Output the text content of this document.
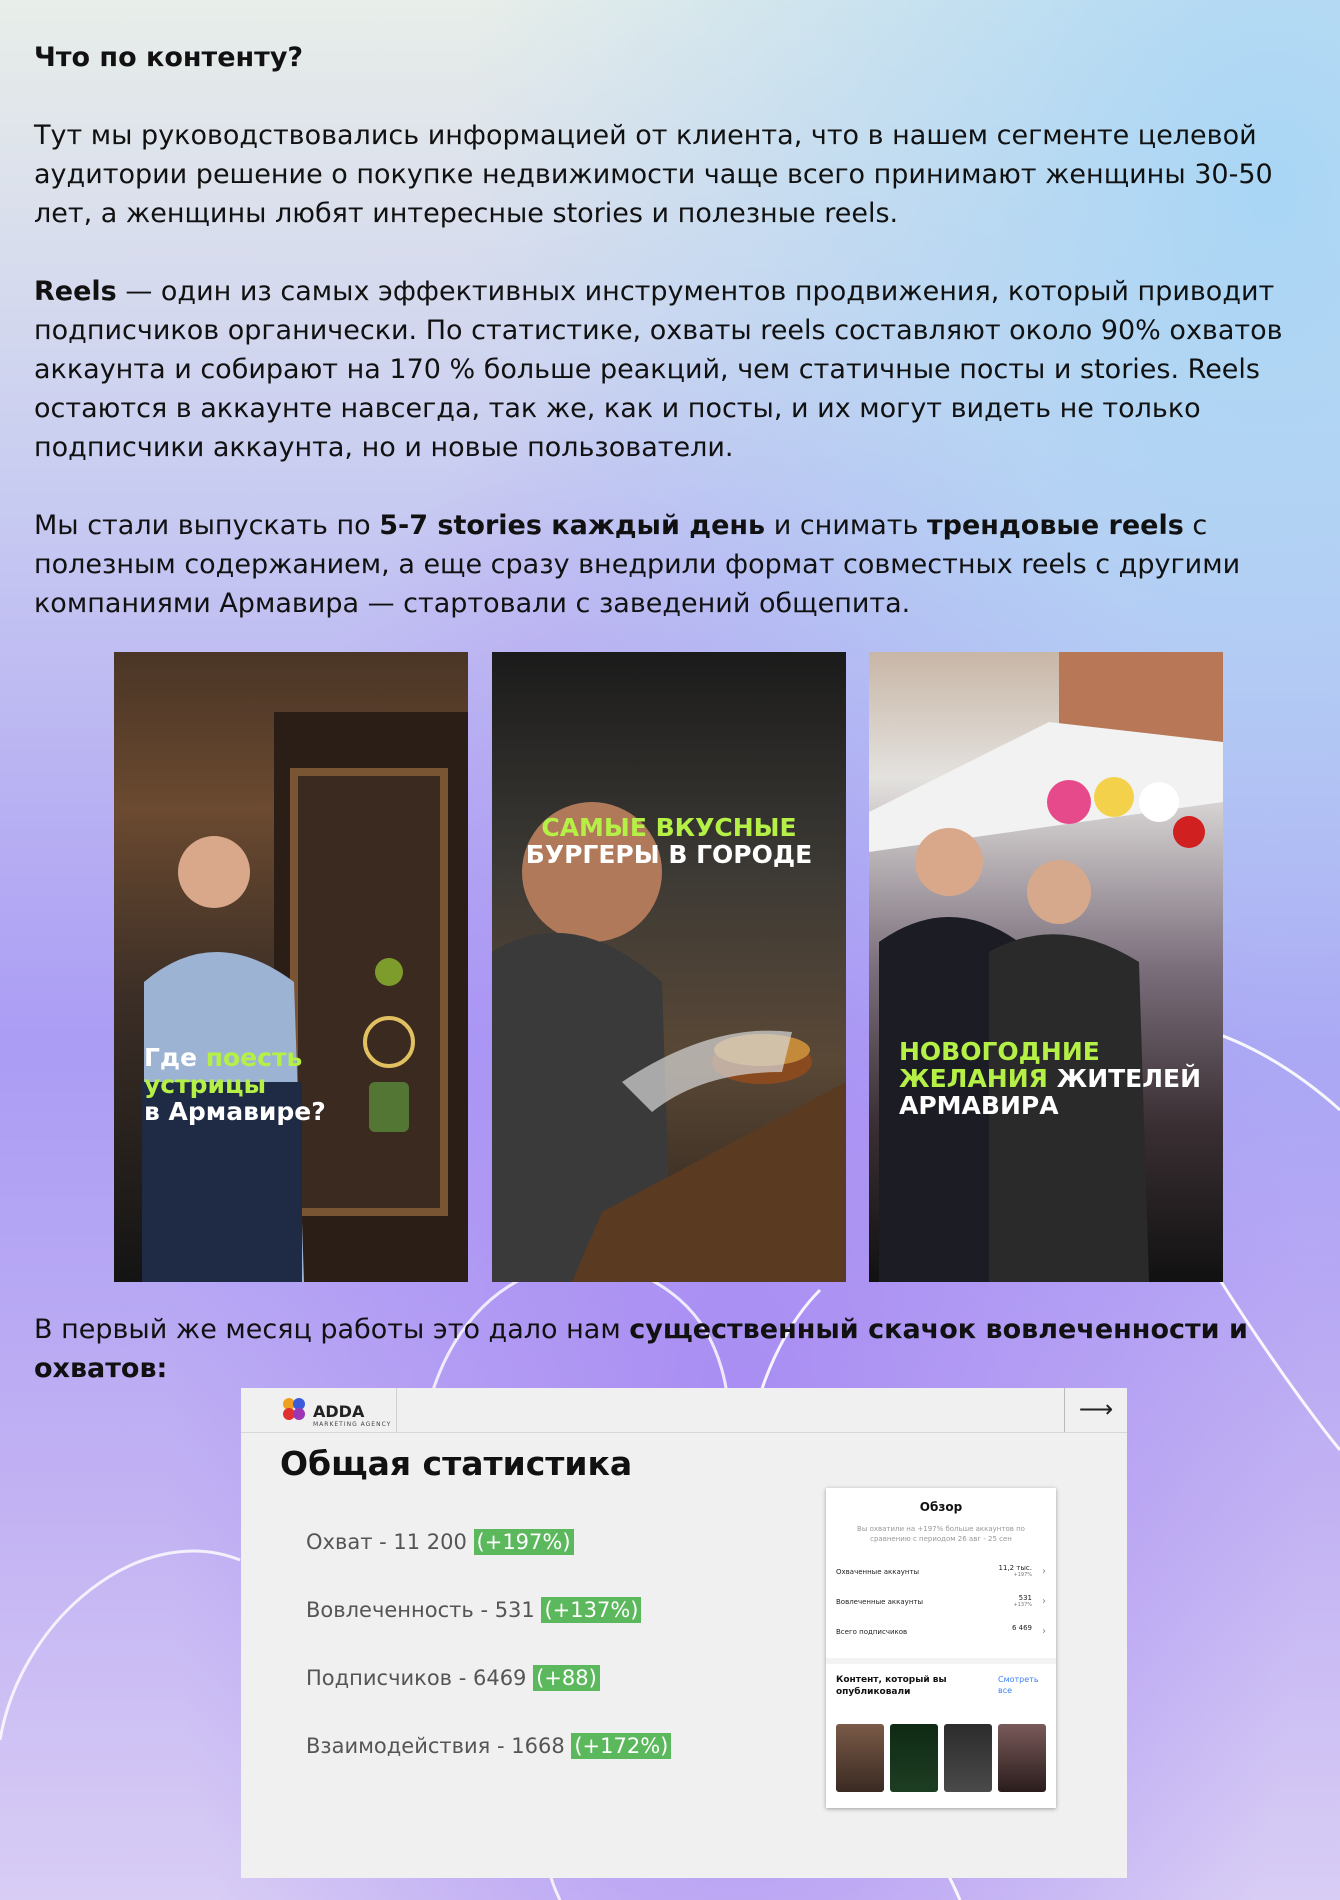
Что по контенту?

Тут мы руководствовались информацией от клиента, что в нашем сегменте целевой аудитории решение о покупке недвижимости чаще всего принимают женщины 30-50 лет, а женщины любят интересные stories и полезные reels.

Reels — один из самых эффективных инструментов продвижения, который приводит подписчиков органически. По статистике, охваты reels составляют около 90% охватов аккаунта и собирают на 170 % больше реакций, чем статичные посты и stories. Reels остаются в аккаунте навсегда, так же, как и посты, и их могут видеть не только подписчики аккаунта, но и новые пользователи.

Мы стали выпускать по 5-7 stories каждый день и снимать трендовые reels с полезным содержанием, а еще сразу внедрили формат совместных reels с другими компаниями Армавира — стартовали с заведений общепита.

Где поесть
устрицы
в Армавире?
САМЫЕ ВКУСНЫЕ
БУРГЕРЫ В ГОРОДЕ
НОВОГОДНИЕ
ЖЕЛАНИЯ ЖИТЕЛЕЙ
АРМАВИРА

В первый же месяц работы это дало нам существенный скачок вовлеченности и охватов:

ADDA
MARKETING AGENCY
⟶
Общая статистика
Охват - 11 200 (+197%)
Вовлеченность - 531 (+137%)
Подписчиков - 6469 (+88)
Взаимодействия - 1668 (+172%)
Обзор
Вы охватили на +197% больше аккаунтов по сравнению с периодом 26 авг - 25 сен
Охваченные аккаунты	11,2 тыс.
+197% ›
Вовлеченные аккаунты	531
+137% ›
Всего подписчиков	6 469 ›
Контент, который вы опубликовали
Смотреть все
